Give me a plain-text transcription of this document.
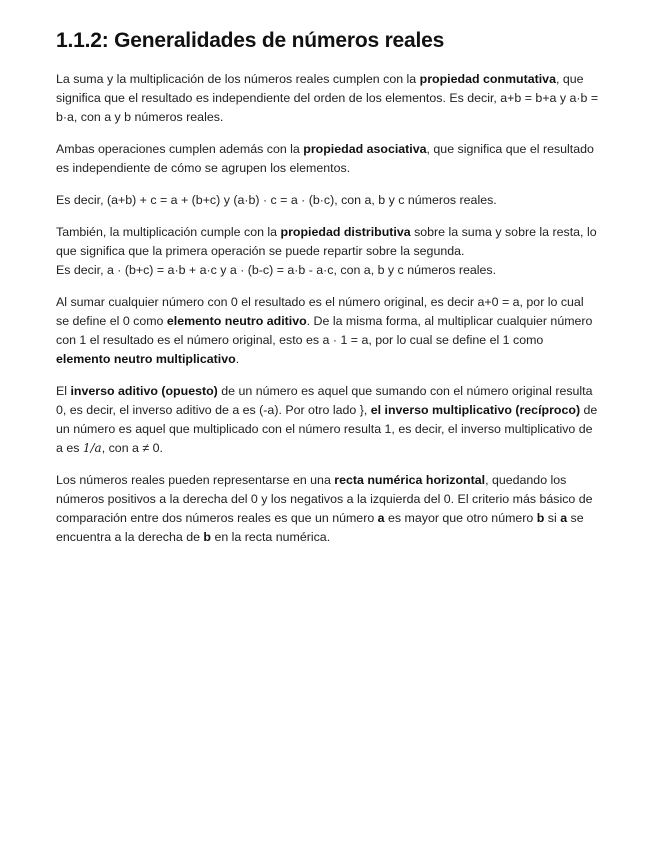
1.1.2: Generalidades de números reales

La suma y la multiplicación de los números reales cumplen con la propiedad conmutativa, que significa que el resultado es independiente del orden de los elementos. Es decir, a+b = b+a y a·b = b·a, con a y b números reales.

Ambas operaciones cumplen además con la propiedad asociativa, que significa que el resultado es independiente de cómo se agrupen los elementos.

Es decir, (a+b) + c = a + (b+c) y (a·b) · c = a · (b·c), con a, b y c números reales.

También, la multiplicación cumple con la propiedad distributiva sobre la suma y sobre la resta, lo que significa que la primera operación se puede repartir sobre la segunda.
Es decir, a · (b+c) = a·b + a·c y a · (b-c) = a·b - a·c, con a, b y c números reales.

Al sumar cualquier número con 0 el resultado es el número original, es decir a+0 = a, por lo cual se define el 0 como elemento neutro aditivo. De la misma forma, al multiplicar cualquier número con 1 el resultado es el número original, esto es a · 1 = a, por lo cual se define el 1 como elemento neutro multiplicativo.

El inverso aditivo (opuesto) de un número es aquel que sumando con el número original resulta 0, es decir, el inverso aditivo de a es (-a). Por otro lado }, el inverso multiplicativo (recíproco) de un número es aquel que multiplicado con el número resulta 1, es decir, el inverso multiplicativo de a es 1/a, con a ≠ 0.

Los números reales pueden representarse en una recta numérica horizontal, quedando los números positivos a la derecha del 0 y los negativos a la izquierda del 0. El criterio más básico de comparación entre dos números reales es que un número a es mayor que otro número b si a se encuentra a la derecha de b en la recta numérica.
